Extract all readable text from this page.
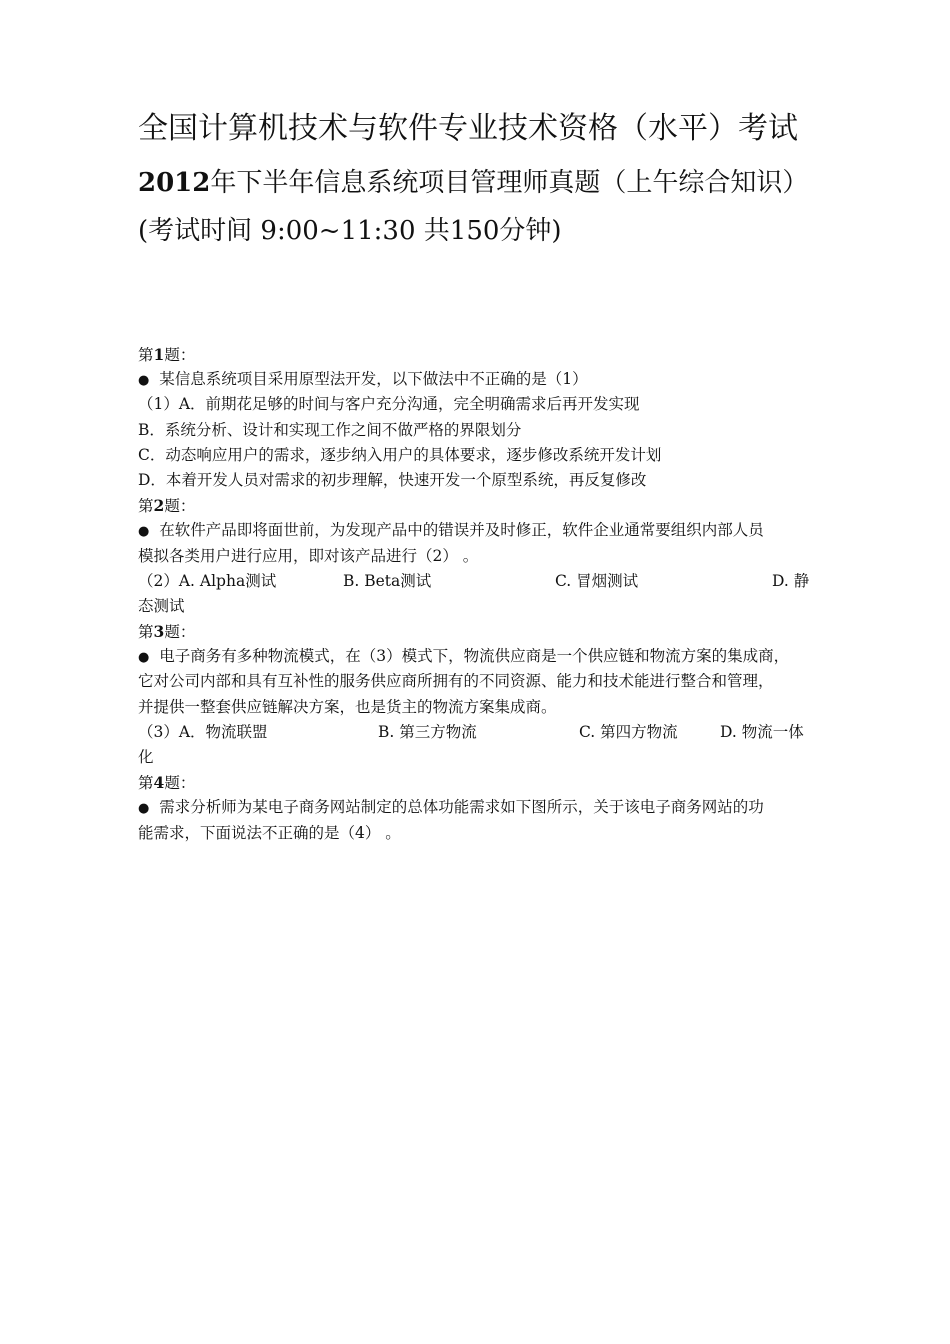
全国计算机技术与软件专业技术资格（水平）考试
2012年下半年信息系统项目管理师真题（上午综合知识）
(考试时间 9:00~11:30 共150分钟)
第1题：
● 某信息系统项目采用原型法开发，以下做法中不正确的是（1）
（1）A．前期花足够的时间与客户充分沟通，完全明确需求后再开发实现
B．系统分析、设计和实现工作之间不做严格的界限划分
C．动态响应用户的需求，逐步纳入用户的具体要求，逐步修改系统开发计划
D．本着开发人员对需求的初步理解，快速开发一个原型系统，再反复修改
第2题：
● 在软件产品即将面世前，为发现产品中的错误并及时修正，软件企业通常要组织内部人员
模拟各类用户进行应用，即对该产品进行（2） 。
（2）A. Alpha测试	B. Beta测试	C. 冒烟测试	D. 静
态测试
第3题：
● 电子商务有多种物流模式，在（3）模式下，物流供应商是一个供应链和物流方案的集成商，
它对公司内部和具有互补性的服务供应商所拥有的不同资源、能力和技术能进行整合和管理，
并提供一整套供应链解决方案，也是货主的物流方案集成商。
（3）A．物流联盟	B. 第三方物流	C. 第四方物流	D. 物流一体
化
第4题：
● 需求分析师为某电子商务网站制定的总体功能需求如下图所示，关于该电子商务网站的功
能需求，下面说法不正确的是（4） 。
